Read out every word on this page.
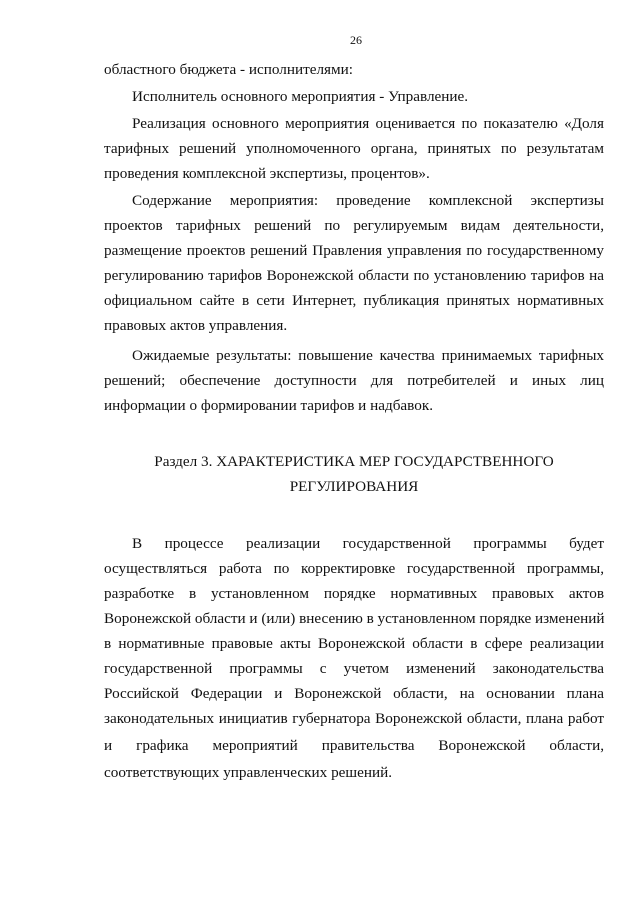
26
областного бюджета - исполнителями:
Исполнитель основного мероприятия - Управление.
Реализация основного мероприятия оценивается по показателю «Доля
тарифных решений уполномоченного органа, принятых по результатам
проведения комплексной экспертизы, процентов».
Содержание мероприятия: проведение комплексной экспертизы
проектов тарифных решений по регулируемым видам деятельности,
размещение проектов решений Правления управления по государственному
регулированию тарифов Воронежской области по установлению тарифов на
официальном сайте в сети Интернет, публикация принятых нормативных
правовых актов управления.
Ожидаемые результаты: повышение качества принимаемых тарифных
решений; обеспечение доступности для потребителей и иных лиц
информации о формировании тарифов и надбавок.
Раздел 3. ХАРАКТЕРИСТИКА МЕР ГОСУДАРСТВЕННОГО
РЕГУЛИРОВАНИЯ
В процессе реализации государственной программы будет
осуществляться работа по корректировке государственной программы,
разработке в установленном порядке нормативных правовых актов
Воронежской области и (или) внесению в установленном порядке изменений
в нормативные правовые акты Воронежской области в сфере реализации
государственной программы с учетом изменений законодательства
Российской Федерации и Воронежской области, на основании плана
законодательных инициатив губернатора Воронежской области, плана работ
и графика мероприятий правительства Воронежской области,
соответствующих управленческих решений.
